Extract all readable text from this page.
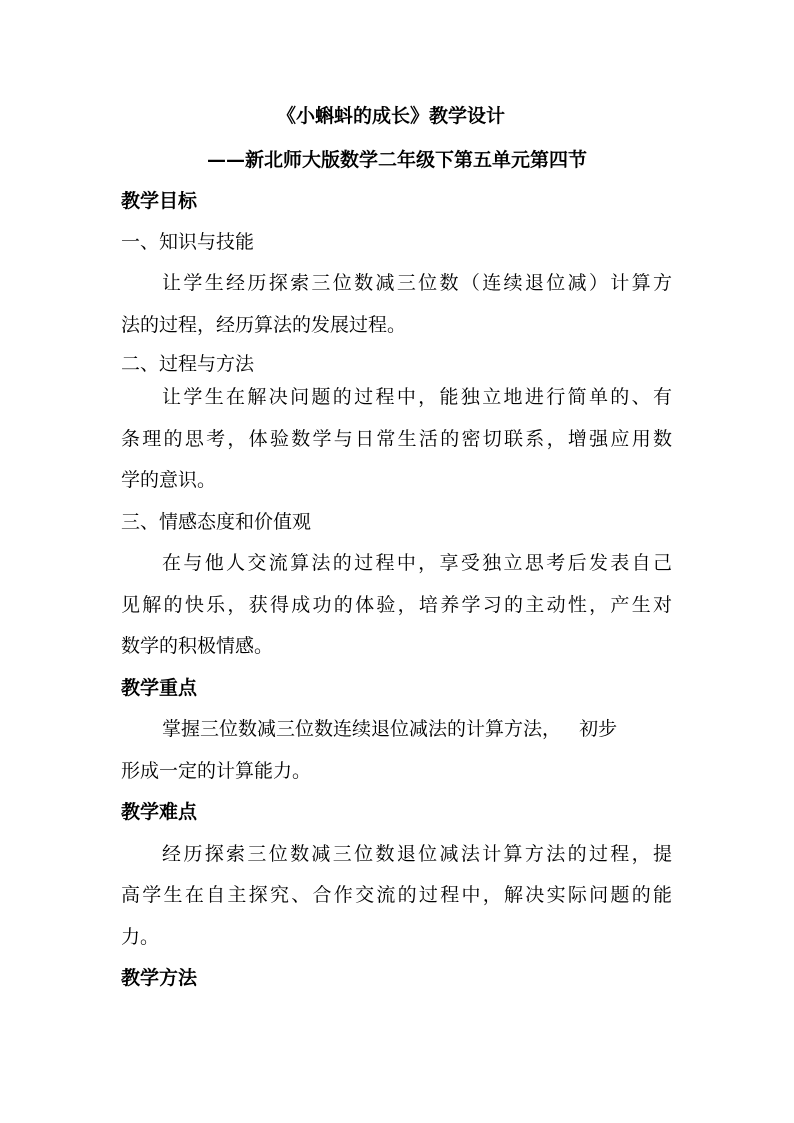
《小蝌蚪的成长》教学设计
——新北师大版数学二年级下第五单元第四节
教学目标
一、知识与技能
让学生经历探索三位数减三位数（连续退位减）计算方
法的过程，经历算法的发展过程。
二、过程与方法
让学生在解决问题的过程中，能独立地进行简单的、有
条理的思考，体验数学与日常生活的密切联系，增强应用数
学的意识。
三、情感态度和价值观
在与他人交流算法的过程中，享受独立思考后发表自己
见解的快乐，获得成功的体验，培养学习的主动性，产生对
数学的积极情感。
教学重点
掌握三位数减三位数连续退位减法的计算方法，   初步
形成一定的计算能力。
教学难点
经历探索三位数减三位数退位减法计算方法的过程，提
高学生在自主探究、合作交流的过程中，解决实际问题的能
力。
教学方法
